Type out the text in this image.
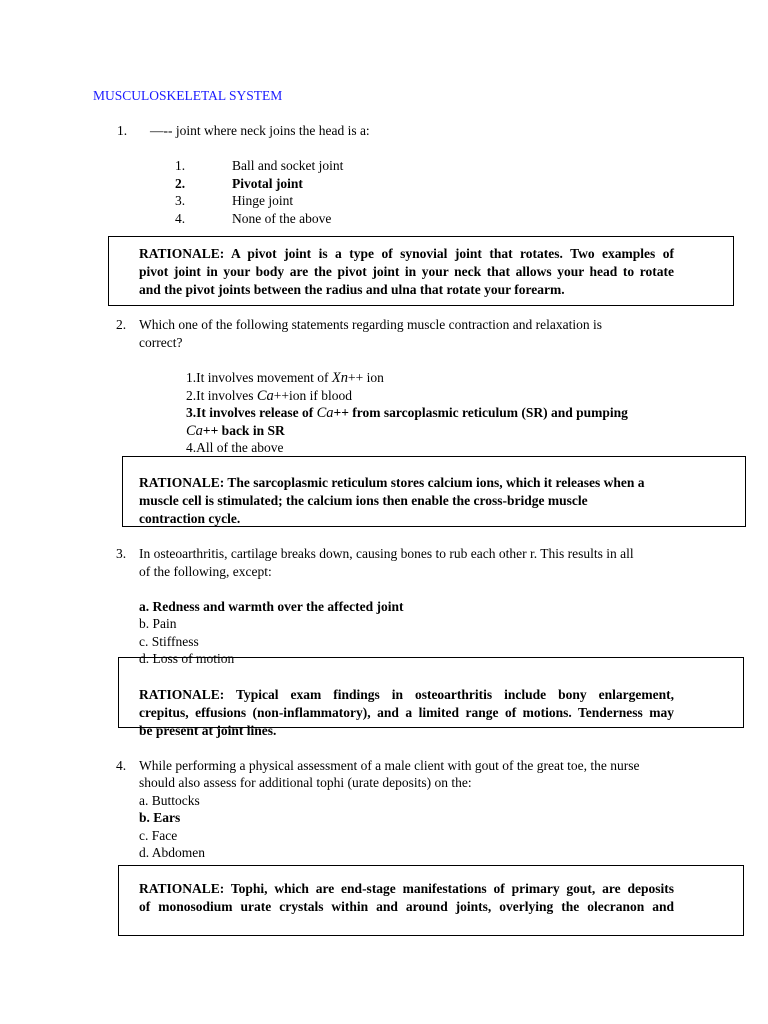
MUSCULOSKELETAL SYSTEM
1. —-- joint where neck joins the head is a:
1.	Ball and socket joint
2.	Pivotal joint
3.	Hinge joint
4.	None of the above
RATIONALE: A pivot joint is a type of synovial joint that rotates. Two examples of
pivot joint in your body are the pivot joint in your neck that allows your head to rotate
and the pivot joints between the radius and ulna that rotate your forearm.
2. Which one of the following statements regarding muscle contraction and relaxation is
correct?
1.It involves movement of Xn++ ion
2.It involves Ca++ion if blood
3.It involves release of Ca++ from sarcoplasmic reticulum (SR) and pumping
Ca++ back in SR
4.All of the above
RATIONALE: The sarcoplasmic reticulum stores calcium ions, which it releases when a
muscle cell is stimulated; the calcium ions then enable the cross-bridge muscle
contraction cycle.
3. In osteoarthritis, cartilage breaks down, causing bones to rub each other r. This results in all
of the following, except:
a. Redness and warmth over the affected joint
b. Pain
c. Stiffness
d. Loss of motion
RATIONALE: Typical exam findings in osteoarthritis include bony enlargement,
crepitus, effusions (non-inflammatory), and a limited range of motions. Tenderness may
be present at joint lines.
4. While performing a physical assessment of a male client with gout of the great toe, the nurse
should also assess for additional tophi (urate deposits) on the:
a. Buttocks
b. Ears
c. Face
d. Abdomen
RATIONALE: Tophi, which are end-stage manifestations of primary gout, are deposits
of monosodium urate crystals within and around joints, overlying the olecranon and
